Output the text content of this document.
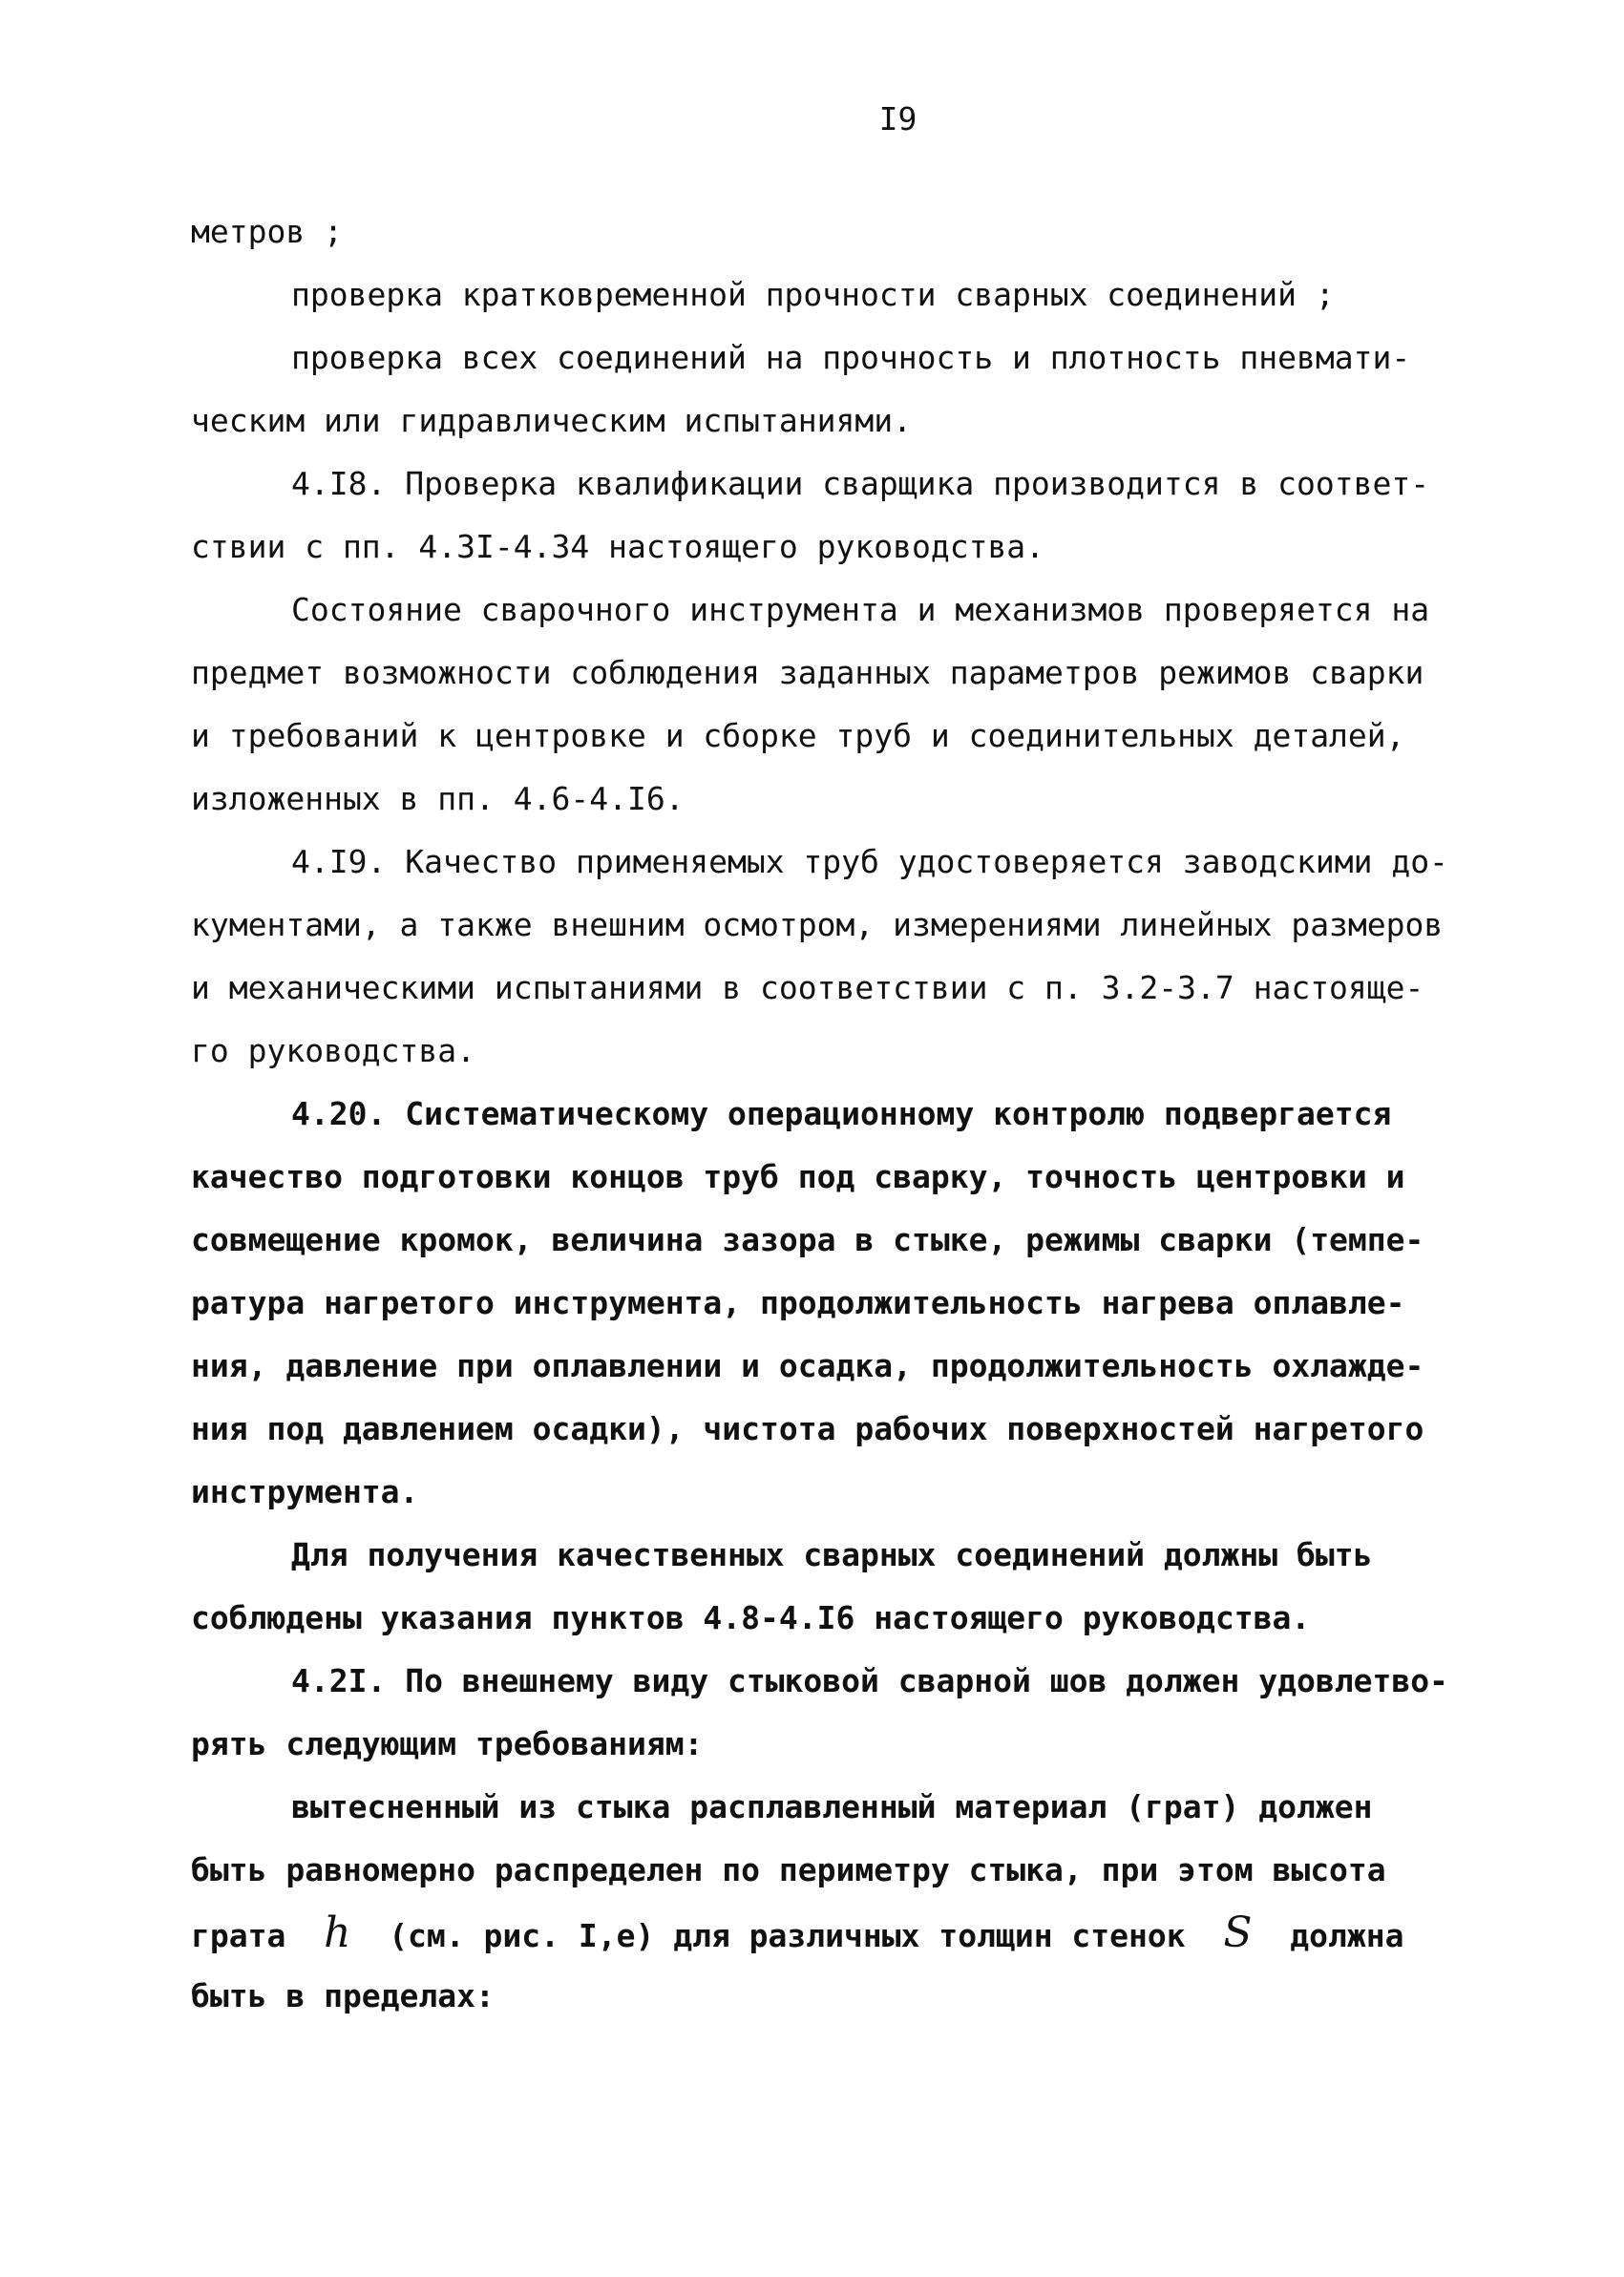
I9
метров ;
проверка кратковременной прочности сварных соединений ;
проверка всех соединений на прочность и плотность пневмати-
ческим или гидравлическим испытаниями.
4.I8. Проверка квалификации сварщика производится в соответ-
ствии с пп. 4.3I-4.34 настоящего руководства.
Состояние сварочного инструмента и механизмов проверяется на
предмет возможности соблюдения заданных параметров режимов сварки
и требований к центровке и сборке труб и соединительных деталей,
изложенных в пп. 4.6-4.I6.
4.I9. Качество применяемых труб удостоверяется заводскими до-
кументами, а также внешним осмотром, измерениями линейных размеров
и механическими испытаниями в соответствии с п. 3.2-3.7 настояще-
го руководства.
4.20. Систематическому операционному контролю подвергается
качество подготовки концов труб под сварку, точность центровки и
совмещение кромок, величина зазора в стыке, режимы сварки (темпе-
ратура нагретого инструмента, продолжительность нагрева оплавле-
ния, давление при оплавлении и осадка, продолжительность охлажде-
ния под давлением осадки), чистота рабочих поверхностей нагретого
инструмента.
Для получения качественных сварных соединений должны быть
соблюдены указания пунктов 4.8-4.I6 настоящего руководства.
4.2I. По внешнему виду стыковой сварной шов должен удовлетво-
рять следующим требованиям:
вытесненный из стыка расплавленный материал (грат) должен
быть равномерно распределен по периметру стыка, при этом высота
грата h (см. рис. I,е) для различных толщин стенок S должна
быть в пределах:
